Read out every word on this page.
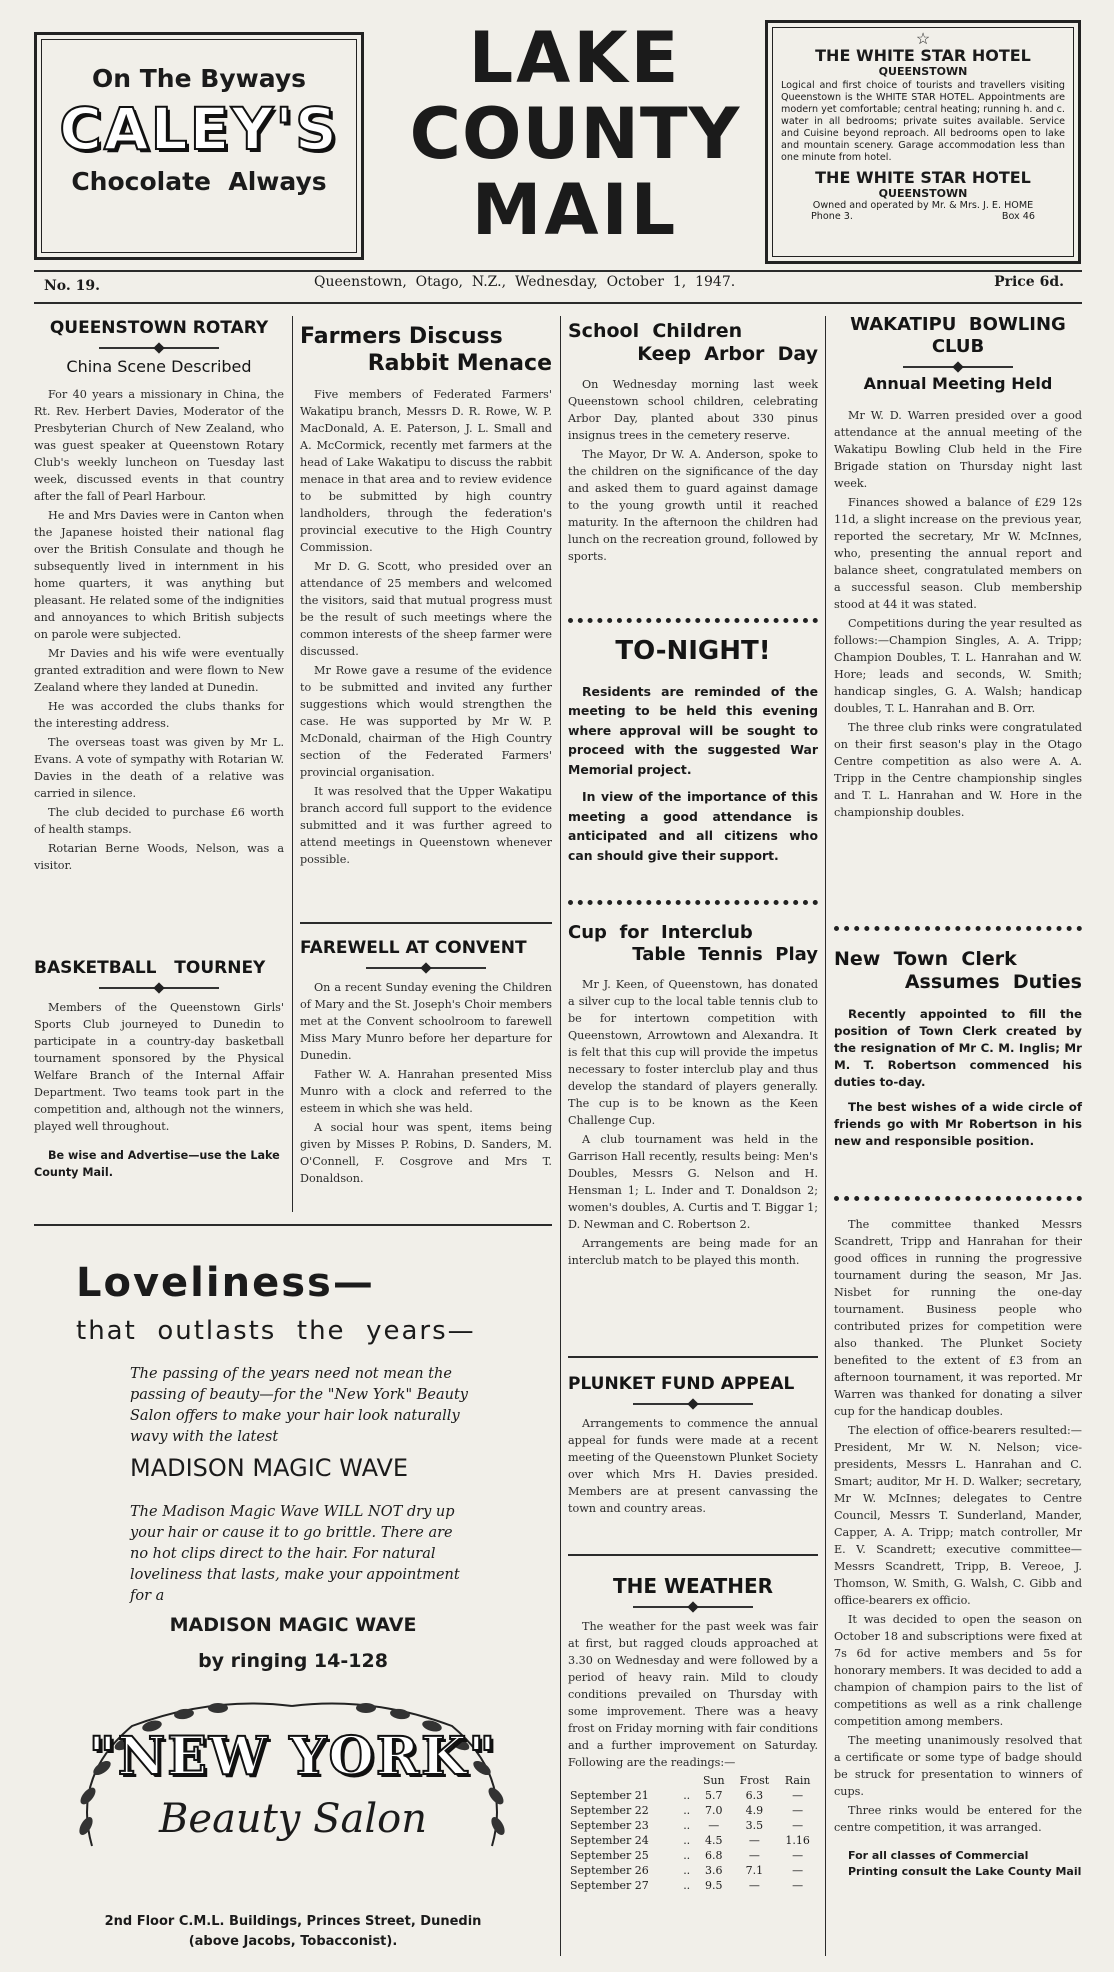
On The Byways
CALEY'S
Chocolate  Always
LAKE
COUNTY
MAIL
☆
THE WHITE STAR HOTEL
QUEENSTOWN
Logical and first choice of tourists and travellers visiting Queenstown is the WHITE STAR HOTEL. Appointments are modern yet comfortable; central heating; running h. and c. water in all bedrooms; private suites available. Service and Cuisine beyond reproach. All bedrooms open to lake and mountain scenery. Garage accommodation less than one minute from hotel.
THE WHITE STAR HOTEL
QUEENSTOWN
Owned and operated by Mr. & Mrs. J. E. HOME
Phone 3.	Box 46
No. 19.	Queenstown,  Otago,  N.Z.,  Wednesday,  October  1,  1947.	Price 6d.
QUEENSTOWN ROTARY
China Scene Described

For 40 years a missionary in China, the Rt. Rev. Herbert Davies, Moderator of the Presbyterian Church of New Zealand, who was guest speaker at Queenstown Rotary Club's weekly luncheon on Tuesday last week, discussed events in that country after the fall of Pearl Harbour.

He and Mrs Davies were in Canton when the Japanese hoisted their national flag over the British Consulate and though he subsequently lived in internment in his home quarters, it was anything but pleasant. He related some of the indignities and annoyances to which British subjects on parole were subjected.

Mr Davies and his wife were eventually granted extradition and were flown to New Zealand where they landed at Dunedin.

He was accorded the clubs thanks for the interesting address.

The overseas toast was given by Mr L. Evans. A vote of sympathy with Rotarian W. Davies in the death of a relative was carried in silence.

The club decided to purchase £6 worth of health stamps.

Rotarian Berne Woods, Nelson, was a visitor.

BASKETBALL   TOURNEY

Members of the Queenstown Girls' Sports Club journeyed to Dunedin to participate in a country-day basketball tournament sponsored by the Physical Welfare Branch of the Internal Affair Department. Two teams took part in the competition and, although not the winners, played well throughout.

Be wise and Advertise—use the Lake County Mail.
Farmers Discuss
Rabbit Menace

Five members of Federated Farmers' Wakatipu branch, Messrs D. R. Rowe, W. P. MacDonald, A. E. Paterson, J. L. Small and A. McCormick, recently met farmers at the head of Lake Wakatipu to discuss the rabbit menace in that area and to review evidence to be submitted by high country landholders, through the federation's provincial executive to the High Country Commission.

Mr D. G. Scott, who presided over an attendance of 25 members and welcomed the visitors, said that mutual progress must be the result of such meetings where the common interests of the sheep farmer were discussed.

Mr Rowe gave a resume of the evidence to be submitted and invited any further suggestions which would strengthen the case. He was supported by Mr W. P. McDonald, chairman of the High Country section of the Federated Farmers' provincial organisation.

It was resolved that the Upper Wakatipu branch accord full support to the evidence submitted and it was further agreed to attend meetings in Queenstown whenever possible.

FAREWELL AT CONVENT

On a recent Sunday evening the Children of Mary and the St. Joseph's Choir members met at the Convent schoolroom to farewell Miss Mary Munro before her departure for Dunedin.

Father W. A. Hanrahan presented Miss Munro with a clock and referred to the esteem in which she was held.

A social hour was spent, items being given by Misses P. Robins, D. Sanders, M. O'Connell, F. Cosgrove and Mrs T. Donaldson.

Loveliness—
that  outlasts  the  years—
The passing of the years need not mean the passing of beauty—for the "New York" Beauty Salon offers to make your hair look naturally wavy with the latest
MADISON MAGIC WAVE
The Madison Magic Wave WILL NOT dry up your hair or cause it to go brittle. There are no hot clips direct to the hair. For natural loveliness that lasts, make your appointment for a
MADISON MAGIC WAVE
by ringing 14-128
"NEW YORK"
Beauty Salon
2nd Floor C.M.L. Buildings, Princes Street, Dunedin
(above Jacobs, Tobacconist).
School  Children
Keep  Arbor  Day

On Wednesday morning last week Queenstown school children, celebrating Arbor Day, planted about 330 pinus insignus trees in the cemetery reserve.

The Mayor, Dr W. A. Anderson, spoke to the children on the significance of the day and asked them to guard against damage to the young growth until it reached maturity. In the afternoon the children had lunch on the recreation ground, followed by sports.

TO-NIGHT!

Residents are reminded of the meeting to be held this evening where approval will be sought to proceed with the suggested War Memorial project.

In view of the importance of this meeting a good attendance is anticipated and all citizens who can should give their support.

Cup  for  Interclub
Table  Tennis  Play

Mr J. Keen, of Queenstown, has donated a silver cup to the local table tennis club to be for intertown competition with Queenstown, Arrowtown and Alexandra. It is felt that this cup will provide the impetus necessary to foster interclub play and thus develop the standard of players generally. The cup is to be known as the Keen Challenge Cup.

A club tournament was held in the Garrison Hall recently, results being: Men's Doubles, Messrs G. Nelson and H. Hensman 1; L. Inder and T. Donaldson 2; women's doubles, A. Curtis and T. Biggar 1; D. Newman and C. Robertson 2.

Arrangements are being made for an interclub match to be played this month.

PLUNKET FUND APPEAL

Arrangements to commence the annual appeal for funds were made at a recent meeting of the Queenstown Plunket Society over which Mrs H. Davies presided. Members are at present canvassing the town and country areas.

THE WEATHER

The weather for the past week was fair at first, but ragged clouds approached at 3.30 on Wednesday and were followed by a period of heavy rain. Mild to cloudy conditions prevailed on Thursday with some improvement. There was a heavy frost on Friday morning with fair conditions and a further improvement on Saturday. Following are the readings:—

		Sun	Frost	Rain
September 21	..	5.7	6.3	—
September 22	..	7.0	4.9	—
September 23	..	—	3.5	—
September 24	..	4.5	—	1.16
September 25	..	6.8	—	—
September 26	..	3.6	7.1	—
September 27	..	9.5	—	—
WAKATIPU  BOWLING
CLUB
Annual Meeting Held

Mr W. D. Warren presided over a good attendance at the annual meeting of the Wakatipu Bowling Club held in the Fire Brigade station on Thursday night last week.

Finances showed a balance of £29 12s 11d, a slight increase on the previous year, reported the secretary, Mr W. McInnes, who, presenting the annual report and balance sheet, congratulated members on a successful season. Club membership stood at 44 it was stated.

Competitions during the year resulted as follows:—Champion Singles, A. A. Tripp; Champion Doubles, T. L. Hanrahan and W. Hore; leads and seconds, W. Smith; handicap singles, G. A. Walsh; handicap doubles, T. L. Hanrahan and B. Orr.

The three club rinks were congratulated on their first season's play in the Otago Centre competition as also were A. A. Tripp in the Centre championship singles and T. L. Hanrahan and W. Hore in the championship doubles.

New  Town  Clerk
Assumes  Duties

Recently appointed to fill the position of Town Clerk created by the resignation of Mr C. M. Inglis; Mr M. T. Robertson commenced his duties to-day.

The best wishes of a wide circle of friends go with Mr Robertson in his new and responsible position.

The committee thanked Messrs Scandrett, Tripp and Hanrahan for their good offices in running the progressive tournament during the season, Mr Jas. Nisbet for running the one-day tournament. Business people who contributed prizes for competition were also thanked. The Plunket Society benefited to the extent of £3 from an afternoon tournament, it was reported. Mr Warren was thanked for donating a silver cup for the handicap doubles.

The election of office-bearers resulted:—President, Mr W. N. Nelson; vice-presidents, Messrs L. Hanrahan and C. Smart; auditor, Mr H. D. Walker; secretary, Mr W. McInnes; delegates to Centre Council, Messrs T. Sunderland, Mander, Capper, A. A. Tripp; match controller, Mr E. V. Scandrett; executive committee—Messrs Scandrett, Tripp, B. Vereoe, J. Thomson, W. Smith, G. Walsh, C. Gibb and office-bearers ex officio.

It was decided to open the season on October 18 and subscriptions were fixed at 7s 6d for active members and 5s for honorary members. It was decided to add a champion of champion pairs to the list of competitions as well as a rink challenge competition among members.

The meeting unanimously resolved that a certificate or some type of badge should be struck for presentation to winners of cups.

Three rinks would be entered for the centre competition, it was arranged.

For all classes of Commercial Printing consult the Lake County Mail
